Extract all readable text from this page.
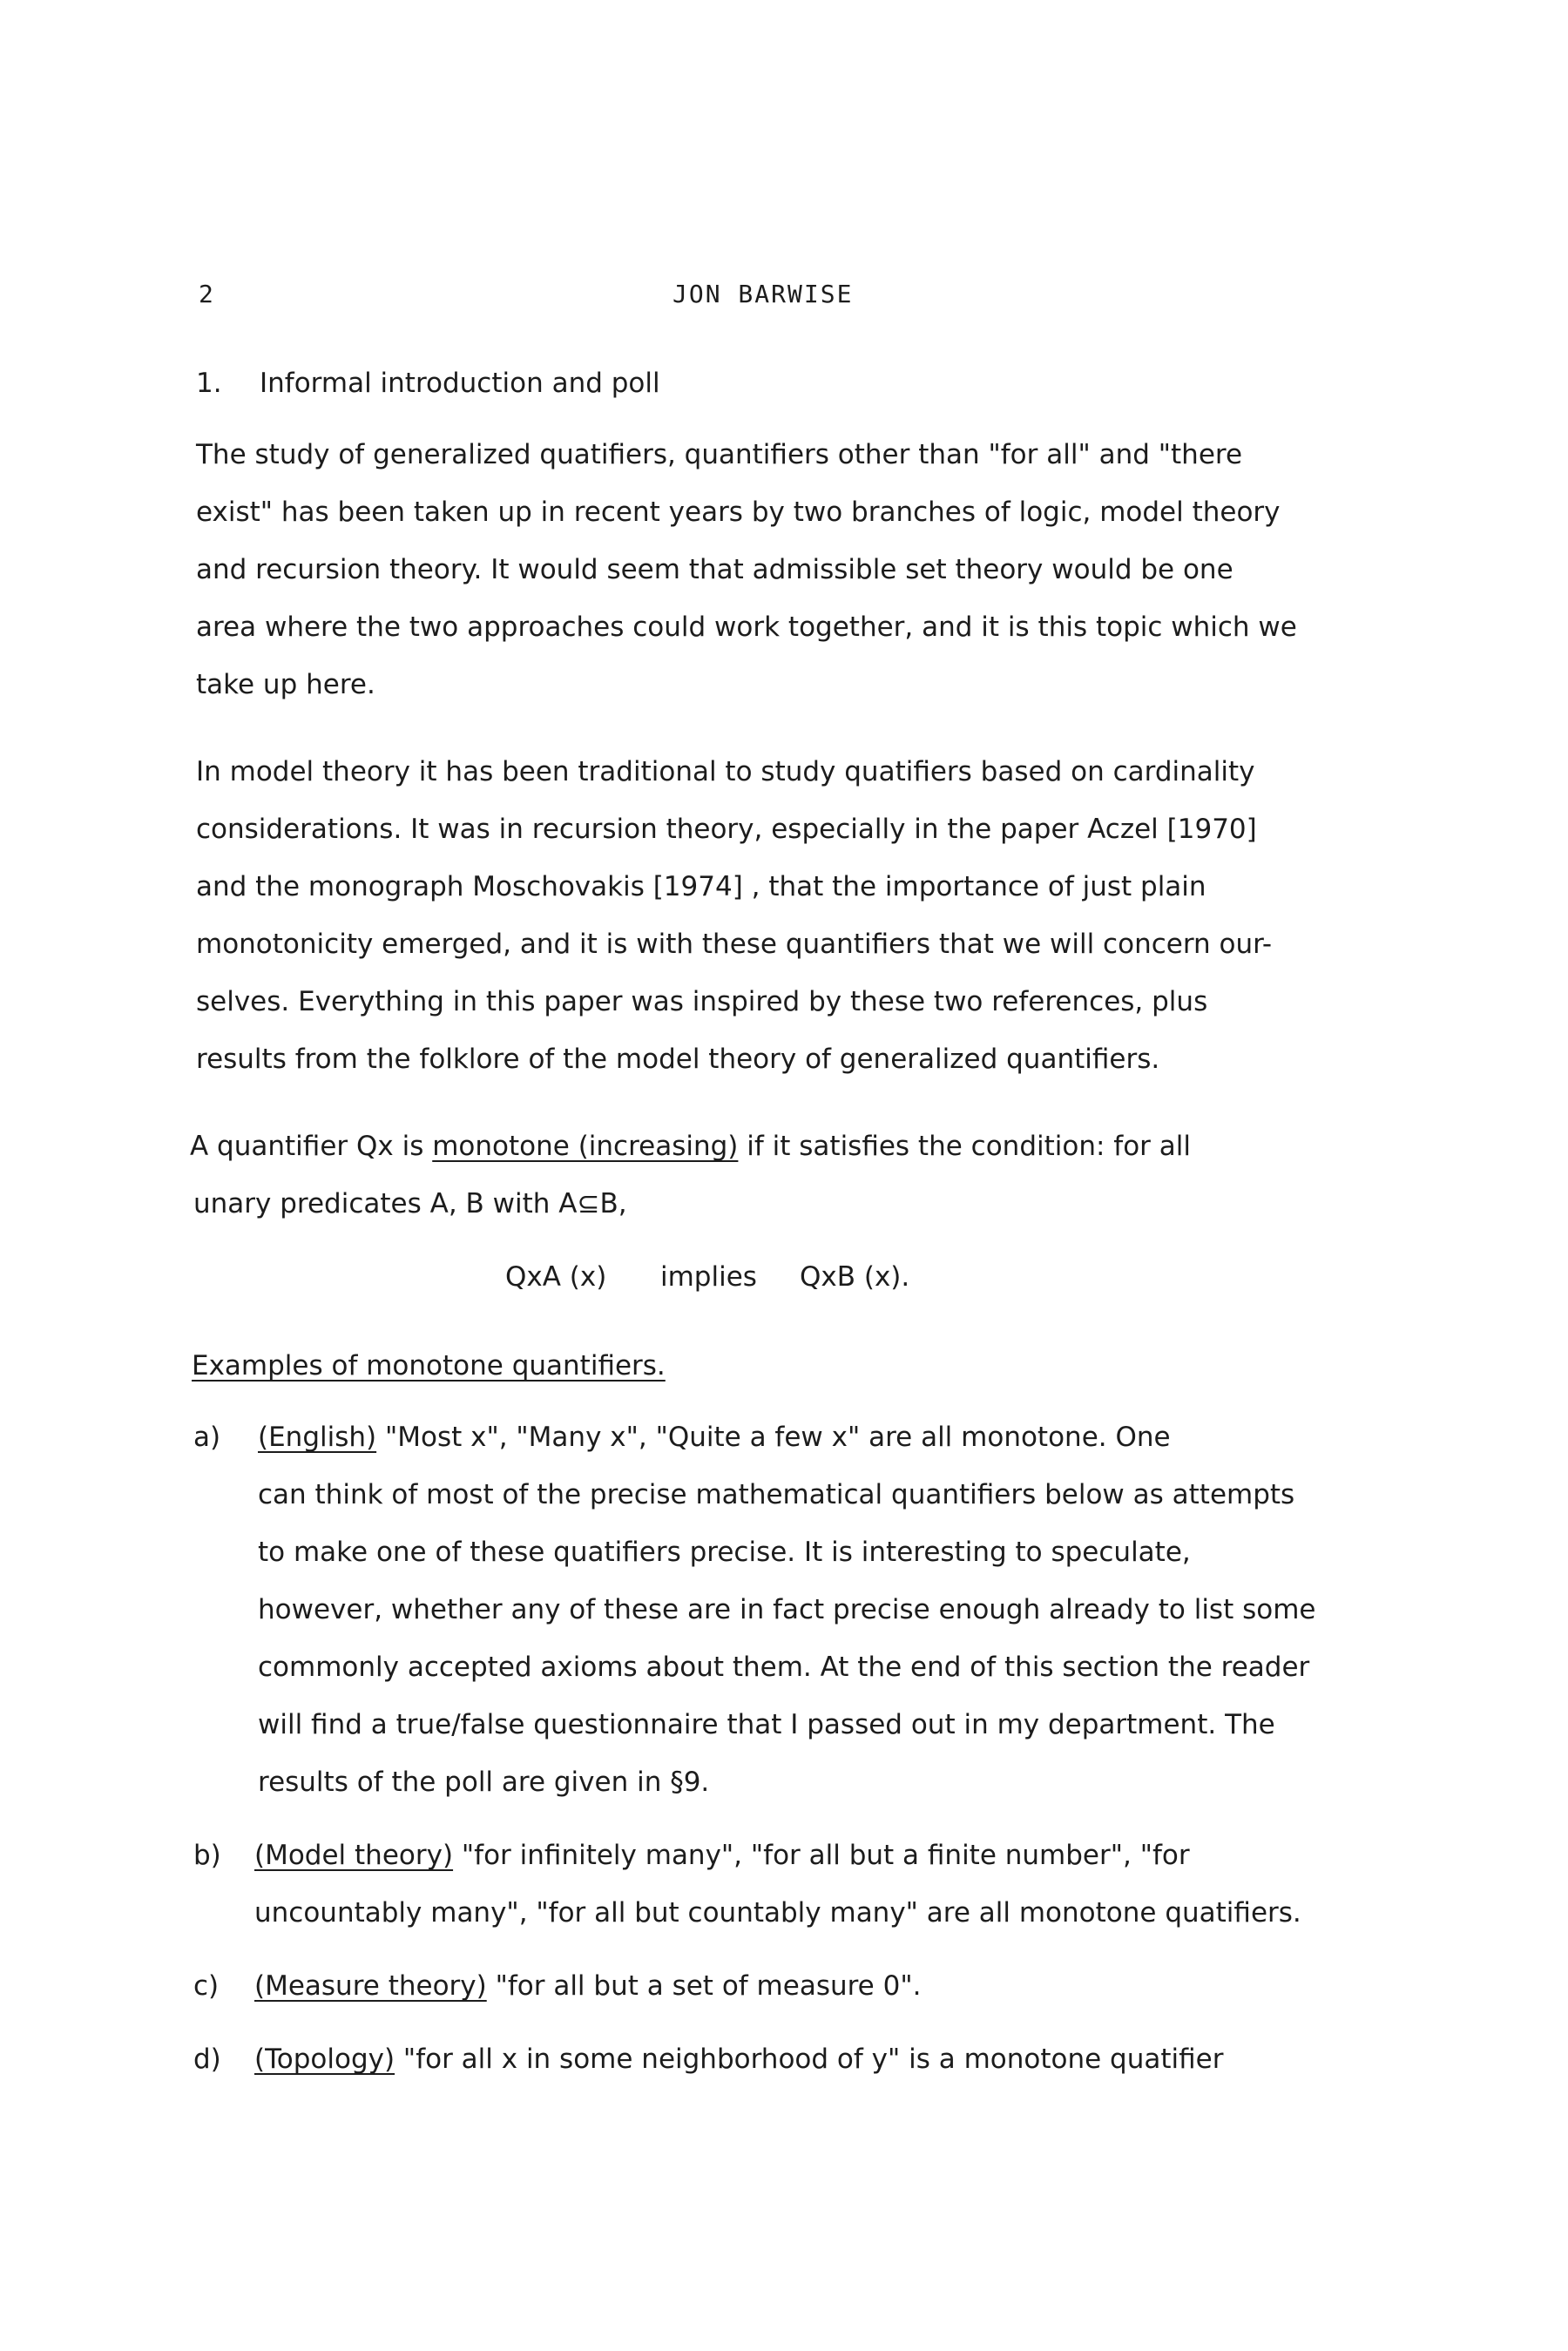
2	JON BARWISE
1. Informal introduction and poll
The study of generalized quatifiers, quantifiers other than "for all" and "there
exist" has been taken up in recent years by two branches of logic, model theory
and recursion theory. It would seem that admissible set theory would be one
area where the two approaches could work together, and it is this topic which we
take up here.
In model theory it has been traditional to study quatifiers based on cardinality
considerations. It was in recursion theory, especially in the paper Aczel [1970]
and the monograph Moschovakis [1974] , that the importance of just plain
monotonicity emerged, and it is with these quantifiers that we will concern our-
selves. Everything in this paper was inspired by these two references, plus
results from the folklore of the model theory of generalized quantifiers.
A quantifier Qx is monotone (increasing) if it satisfies the condition: for all
unary predicates A, B with A⊆B,
QxA (x) implies QxB (x).
Examples of monotone quantifiers.
a) (English) "Most x", "Many x", "Quite a few x" are all monotone. One
can think of most of the precise mathematical quantifiers below as attempts
to make one of these quatifiers precise. It is interesting to speculate,
however, whether any of these are in fact precise enough already to list some
commonly accepted axioms about them. At the end of this section the reader
will find a true/false questionnaire that I passed out in my department. The
results of the poll are given in §9.
b) (Model theory) "for infinitely many", "for all but a finite number", "for
uncountably many", "for all but countably many" are all monotone quatifiers.
c) (Measure theory) "for all but a set of measure 0".
d) (Topology) "for all x in some neighborhood of y" is a monotone quatifier
